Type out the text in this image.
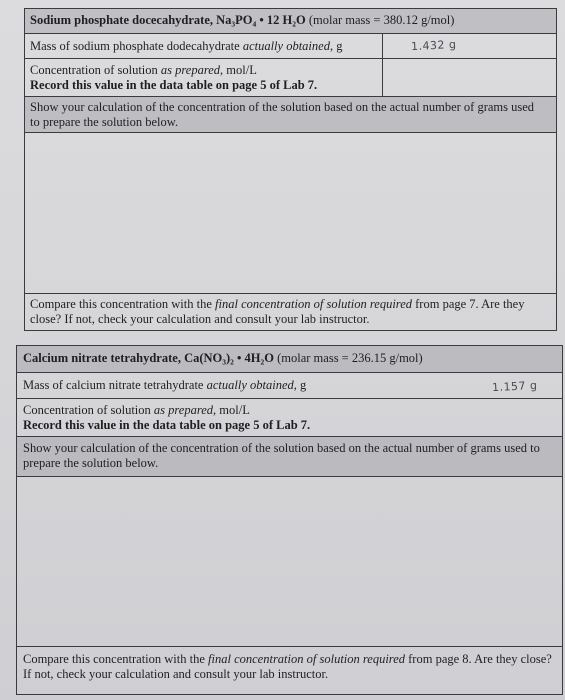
Sodium phosphate docecahydrate, Na₃PO₄ • 12 H₂O (molar mass = 380.12 g/mol)
Mass of sodium phosphate dodecahydrate actually obtained, g	1.432 g
Concentration of solution as prepared, mol/L
Record this value in the data table on page 5 of Lab 7.
Show your calculation of the concentration of the solution based on the actual number of grams used to prepare the solution below.
Compare this concentration with the final concentration of solution required from page 7. Are they close? If not, check your calculation and consult your lab instructor.
Calcium nitrate tetrahydrate, Ca(NO₃)₂ • 4H₂O (molar mass = 236.15 g/mol)
Mass of calcium nitrate tetrahydrate actually obtained, g	1.157 g
Concentration of solution as prepared, mol/L
Record this value in the data table on page 5 of Lab 7.
Show your calculation of the concentration of the solution based on the actual number of grams used to prepare the solution below.
Compare this concentration with the final concentration of solution required from page 8. Are they close? If not, check your calculation and consult your lab instructor.
